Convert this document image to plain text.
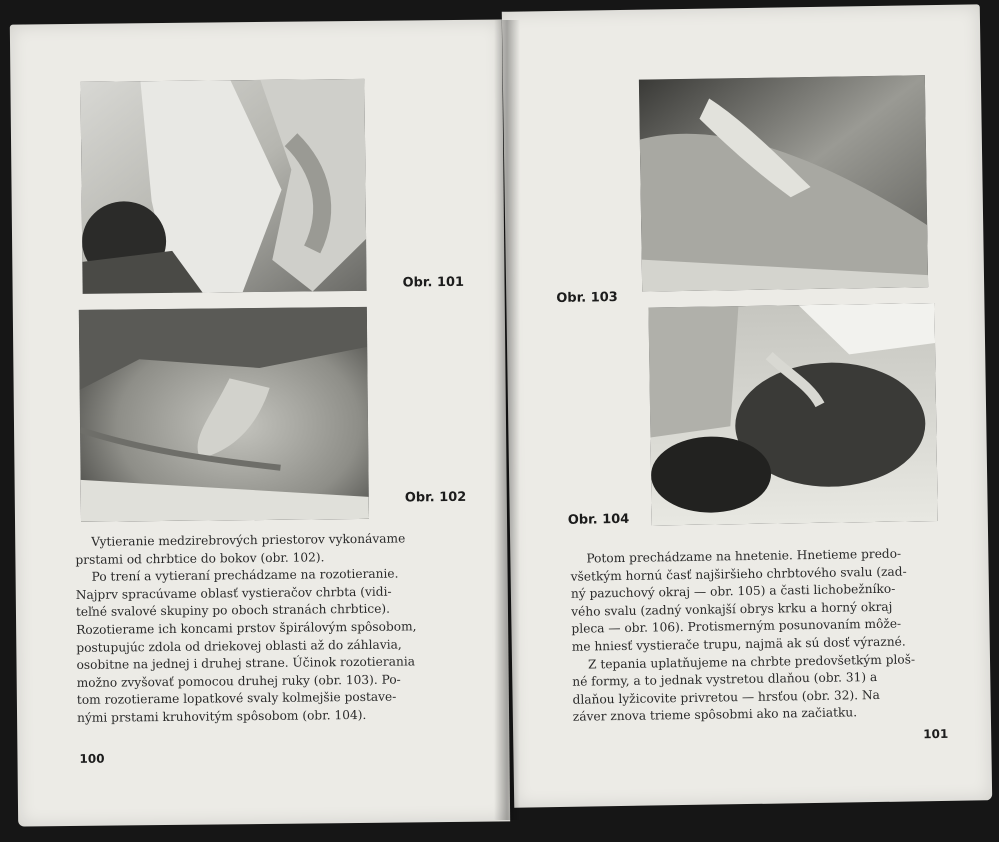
Obr. 101
Obr. 102

Vytieranie medzirebrových priestorov vykonávame
prstami od chrbtice do bokov (obr. 102).
Po trení a vytieraní prechádzame na rozotieranie.
Najprv spracúvame oblasť vystieračov chrbta (vidi-
teľné svalové skupiny po oboch stranách chrbtice).
Rozotierame ich koncami prstov špirálovým spôsobom,
postupujúc zdola od driekovej oblasti až do záhlavia,
osobitne na jednej i druhej strane. Účinok rozotierania
možno zvyšovať pomocou druhej ruky (obr. 103). Po-
tom rozotierame lopatkové svaly kolmejšie postave-
nými prstami kruhovitým spôsobom (obr. 104).

100
Obr. 103
Obr. 104

Potom prechádzame na hnetenie. Hnetieme predo-
všetkým hornú časť najširšieho chrbtového svalu (zad-
ný pazuchový okraj — obr. 105) a časti lichobežníko-
vého svalu (zadný vonkajší obrys krku a horný okraj
pleca — obr. 106). Protismerným posunovaním môže-
me hniesť vystierače trupu, najmä ak sú dosť výrazné.
Z tepania uplatňujeme na chrbte predovšetkým ploš-
né formy, a to jednak vystretou dlaňou (obr. 31) a
dlaňou lyžicovite privretou — hrsťou (obr. 32). Na
záver znova trieme spôsobmi ako na začiatku.

101
